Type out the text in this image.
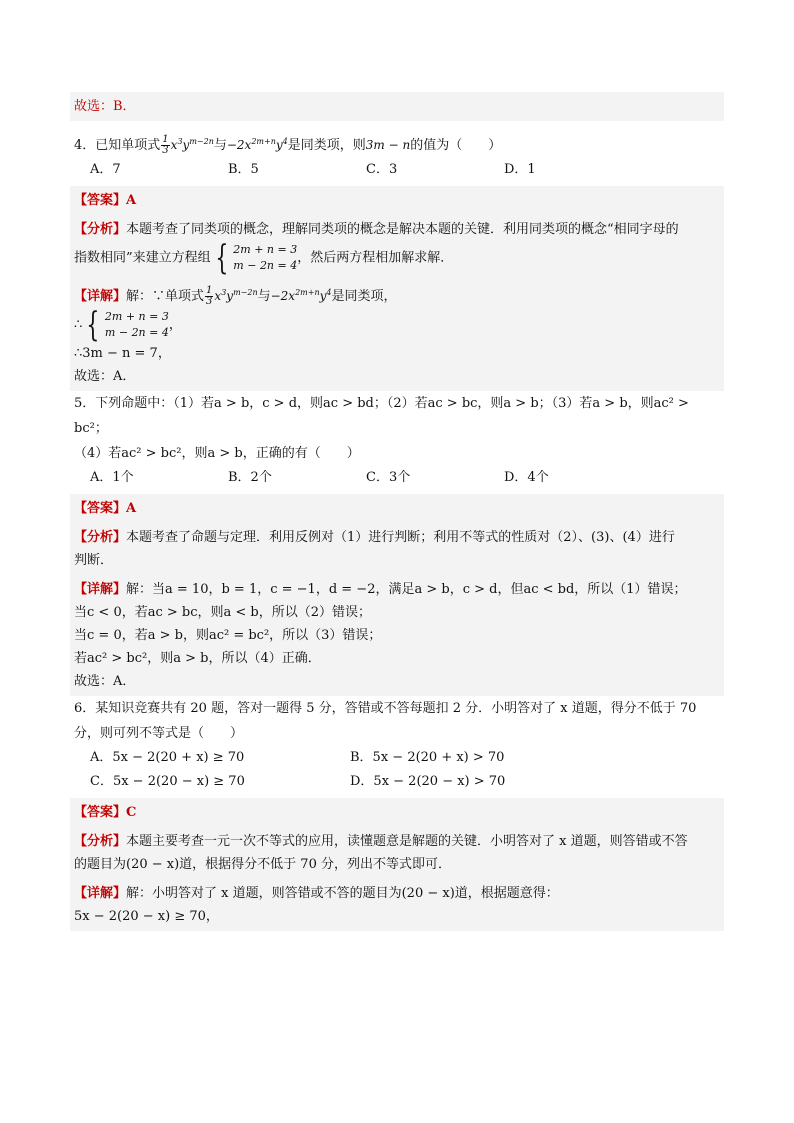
故选：B．
4．已知单项式 $\frac{1}{3} x^3y^{m-2n}$与$-2x^{2m+n}y^4$是同类项，则3m − n的值为（　　）
A．7	B．5	C．3	D．1
【答案】A
【分析】本题考查了同类项的概念，理解同类项的概念是解决本题的关键．利用同类项的概念“相同字母的
指数相同”来建立方程组 { 2m + n = 3
m − 2n = 4 ，然后两方程相加解求解．
【详解】解：∵单项式 $\frac{1}{3} x^3y^{m-2n}$与$-2x^{2m+n}y^4$是同类项，
∴ { 2m + n = 3
m − 2n = 4 ，
∴3m − n = 7，
故选：A．
5．下列命题中：（1）若a > b，c > d，则ac > bd；（2）若ac > bc，则a > b；（3）若a > b，则ac² > bc²；
（4）若ac² > bc²，则a > b，正确的有（　　）
A．1个	B．2个	C．3个	D．4个
【答案】A
【分析】本题考查了命题与定理．利用反例对（1）进行判断；利用不等式的性质对（2）、(3)、(4）进行
判断．
【详解】解：当a = 10，b = 1，c = −1，d = −2，满足a > b，c > d，但ac < bd，所以（1）错误；
当c < 0，若ac > bc，则a < b，所以（2）错误；
当c = 0，若a > b，则ac² = bc²，所以（3）错误；
若ac² > bc²，则a > b，所以（4）正确．
故选：A．
6．某知识竞赛共有 20 题，答对一题得 5 分，答错或不答每题扣 2 分．小明答对了 x 道题，得分不低于 70
分，则可列不等式是（　　）
A．5x − 2(20 + x) ≥ 70	B．5x − 2(20 + x) > 70
C．5x − 2(20 − x) ≥ 70	D．5x − 2(20 − x) > 70
【答案】C
【分析】本题主要考查一元一次不等式的应用，读懂题意是解题的关键．小明答对了 x 道题，则答错或不答
的题目为(20 − x)道，根据得分不低于 70 分，列出不等式即可．
【详解】解：小明答对了 x 道题，则答错或不答的题目为(20 − x)道，根据题意得：
5x − 2(20 − x) ≥ 70，
